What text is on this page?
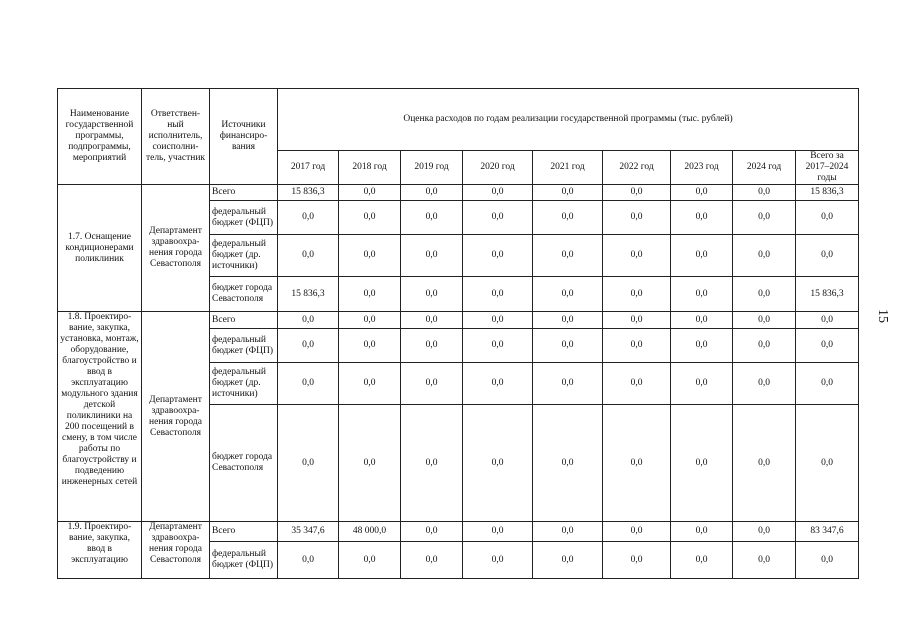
15
Наименование государственной программы, подпрограммы, мероприятий	Ответствен-ный исполнитель, соисполни-тель, участник	Источники финансиро-вания	Оценка расходов по годам реализации государственной программы (тыс. рублей)								
			2017 год	2018 год	2019 год	2020 год	2021 год	2022 год	2023 год	2024 год	Всего за 2017–2024 годы
1.7. Оснащение кондиционерами поликлиник	Департамент здравоохра-нения города Севастополя	Всего	15 836,3	0,0	0,0	0,0	0,0	0,0	0,0	0,0	15 836,3
		федеральный бюджет (ФЦП)	0,0	0,0	0,0	0,0	0,0	0,0	0,0	0,0	0,0
		федеральный бюджет (др. источники)	0,0	0,0	0,0	0,0	0,0	0,0	0,0	0,0	0,0
		бюджет города Севастополя	15 836,3	0,0	0,0	0,0	0,0	0,0	0,0	0,0	15 836,3
1.8. Проектиро-вание, закупка, установка, монтаж, оборудование, благоустройство и ввод в эксплуатацию модульного здания детской поликлиники на 200 посещений в смену, в том числе работы по благоустройству и подведению инженерных сетей	Департамент здравоохра-нения города Севастополя	Всего	0,0	0,0	0,0	0,0	0,0	0,0	0,0	0,0	0,0
		федеральный бюджет (ФЦП)	0,0	0,0	0,0	0,0	0,0	0,0	0,0	0,0	0,0
		федеральный бюджет (др. источники)	0,0	0,0	0,0	0,0	0,0	0,0	0,0	0,0	0,0
		бюджет города Севастополя	0,0	0,0	0,0	0,0	0,0	0,0	0,0	0,0	0,0
1.9. Проектиро-вание, закупка, ввод в эксплуатацию	Департамент здравоохра-нения города Севастополя	Всего	35 347,6	48 000,0	0,0	0,0	0,0	0,0	0,0	0,0	83 347,6
		федеральный бюджет (ФЦП)	0,0	0,0	0,0	0,0	0,0	0,0	0,0	0,0	0,0
